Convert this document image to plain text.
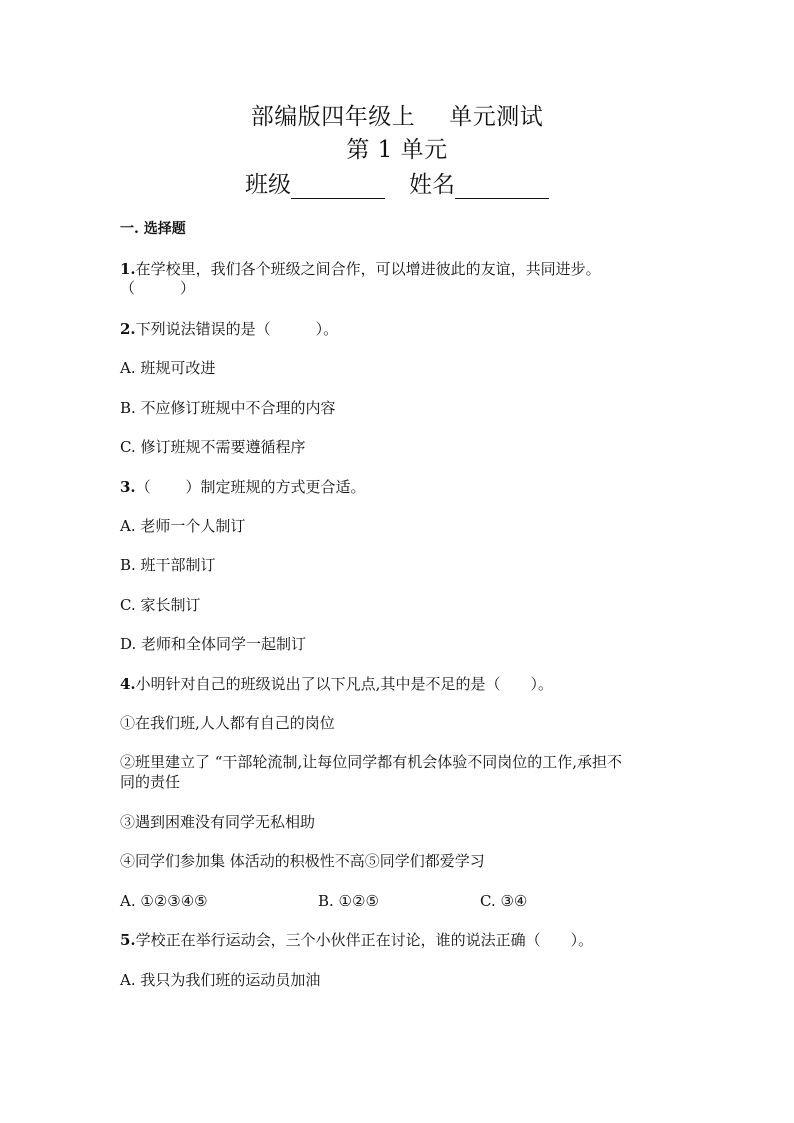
部编版四年级上 单元测试
第 1 单元
班级	姓名
一. 选择题
1.在学校里，我们各个班级之间合作，可以增进彼此的友谊，共同进步。
（　　　）
2.下列说法错误的是（　　　）。
A. 班规可改进
B. 不应修订班规中不合理的内容
C. 修订班规不需要遵循程序
3.（　　 ）制定班规的方式更合适。
A. 老师一个人制订
B. 班干部制订
C. 家长制订
D. 老师和全体同学一起制订
4.小明针对自己的班级说出了以下凡点,其中是不足的是（　　）。
①在我们班,人人都有自己的岗位
②班里建立了 “干部轮流制,让每位同学都有机会体验不同岗位的工作,承担不
同的责任
③遇到困难没有同学无私相助
④同学们参加集 体活动的积极性不高⑤同学们都爱学习
A. ①②③④⑤	B. ①②⑤	C. ③④
5.学校正在举行运动会，三个小伙伴正在讨论，谁的说法正确（　　）。
A. 我只为我们班的运动员加油
